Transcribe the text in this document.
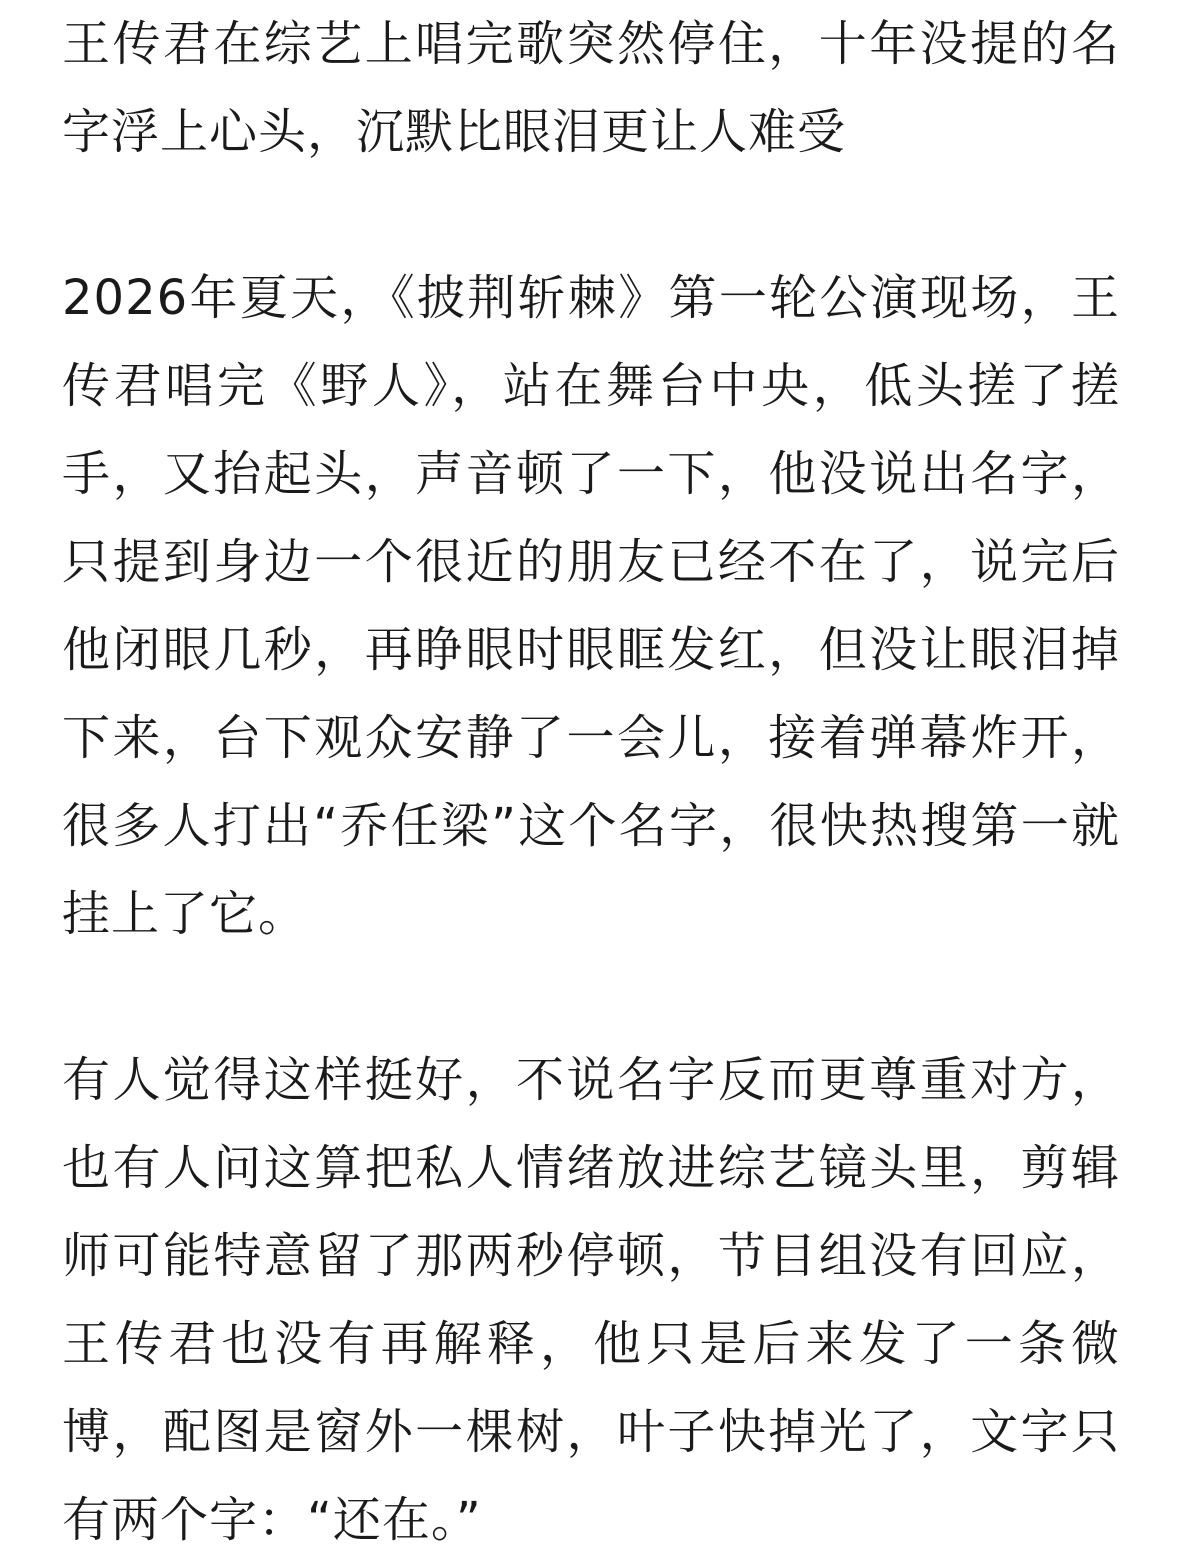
王传君在综艺上唱完歌突然停住，十年没提的名字浮上心头，沉默比眼泪更让人难受

2026年夏天，《披荆斩棘》第一轮公演现场，王传君唱完《野人》，站在舞台中央，低头搓了搓手，又抬起头，声音顿了一下，他没说出名字，只提到身边一个很近的朋友已经不在了，说完后他闭眼几秒，再睁眼时眼眶发红，但没让眼泪掉下来，台下观众安静了一会儿，接着弹幕炸开，很多人打出“乔任梁”这个名字，很快热搜第一就挂上了它。

有人觉得这样挺好，不说名字反而更尊重对方，也有人问这算把私人情绪放进综艺镜头里，剪辑师可能特意留了那两秒停顿，节目组没有回应，王传君也没有再解释，他只是后来发了一条微博，配图是窗外一棵树，叶子快掉光了，文字只有两个字：“还在。”
